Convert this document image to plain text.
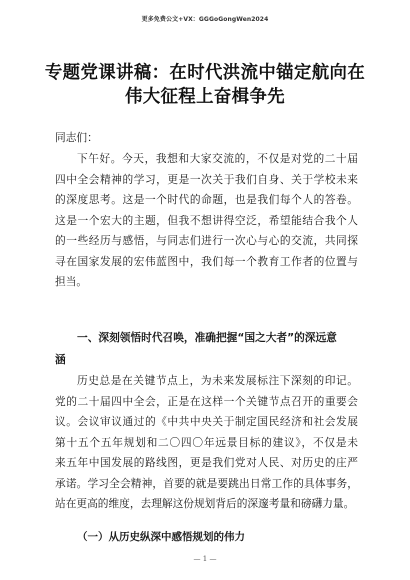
更多免费公文+VX：GGGoGongWen2024
专题党课讲稿：在时代洪流中锚定航向在
伟大征程上奋楫争先
同志们：
下午好。今天，我想和大家交流的，不仅是对党的二十届
四中全会精神的学习，更是一次关于我们自身、关于学校未来
的深度思考。这是一个时代的命题，也是我们每个人的答卷。
这是一个宏大的主题，但我不想讲得空泛，希望能结合我个人
的一些经历与感悟，与同志们进行一次心与心的交流，共同探
寻在国家发展的宏伟蓝图中，我们每一个教育工作者的位置与
担当。
一、深刻领悟时代召唤，准确把握“国之大者”的深远意
涵
历史总是在关键节点上，为未来发展标注下深刻的印记。
党的二十届四中全会，正是在这样一个关键节点召开的重要会
议。会议审议通过的《中共中央关于制定国民经济和社会发展
第十五个五年规划和二〇四〇年远景目标的建议》，不仅是未
来五年中国发展的路线图，更是我们党对人民、对历史的庄严
承诺。学习全会精神，首要的就是要跳出日常工作的具体事务，
站在更高的维度，去理解这份规划背后的深邃考量和磅礴力量。
（一）从历史纵深中感悟规划的伟力
— 1 —
